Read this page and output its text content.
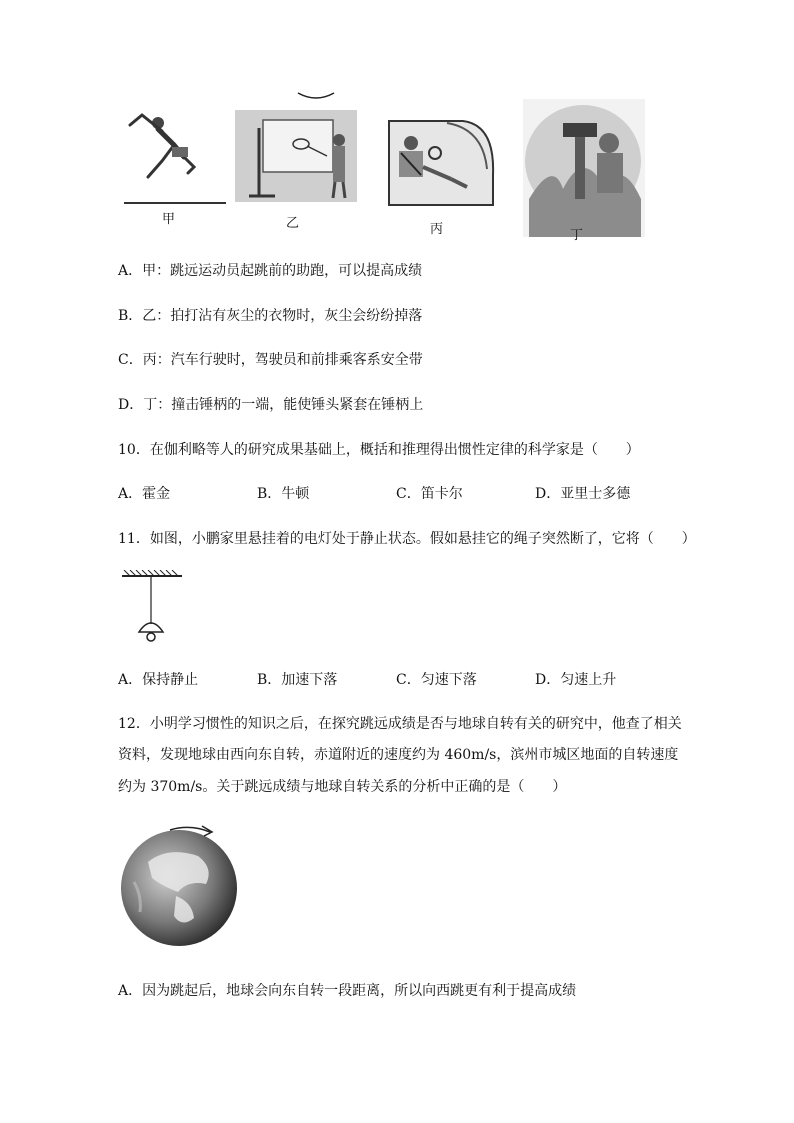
甲	乙	丙	丁
A．甲：跳远运动员起跳前的助跑，可以提高成绩
B．乙：拍打沾有灰尘的衣物时，灰尘会纷纷掉落
C．丙：汽车行驶时，驾驶员和前排乘客系安全带
D．丁：撞击锤柄的一端，能使锤头紧套在锤柄上
10．在伽利略等人的研究成果基础上，概括和推理得出惯性定律的科学家是（　　）
A．霍金	B．牛顿	C．笛卡尔	D．亚里士多德
11．如图，小鹏家里悬挂着的电灯处于静止状态。假如悬挂它的绳子突然断了，它将（　　）
A．保持静止	B．加速下落	C．匀速下落	D．匀速上升
12．小明学习惯性的知识之后，在探究跳远成绩是否与地球自转有关的研究中，他查了相关
资料，发现地球由西向东自转，赤道附近的速度约为 460m/s，滨州市城区地面的自转速度
约为 370m/s。关于跳远成绩与地球自转关系的分析中正确的是（　　）
A．因为跳起后，地球会向东自转一段距离，所以向西跳更有利于提高成绩
